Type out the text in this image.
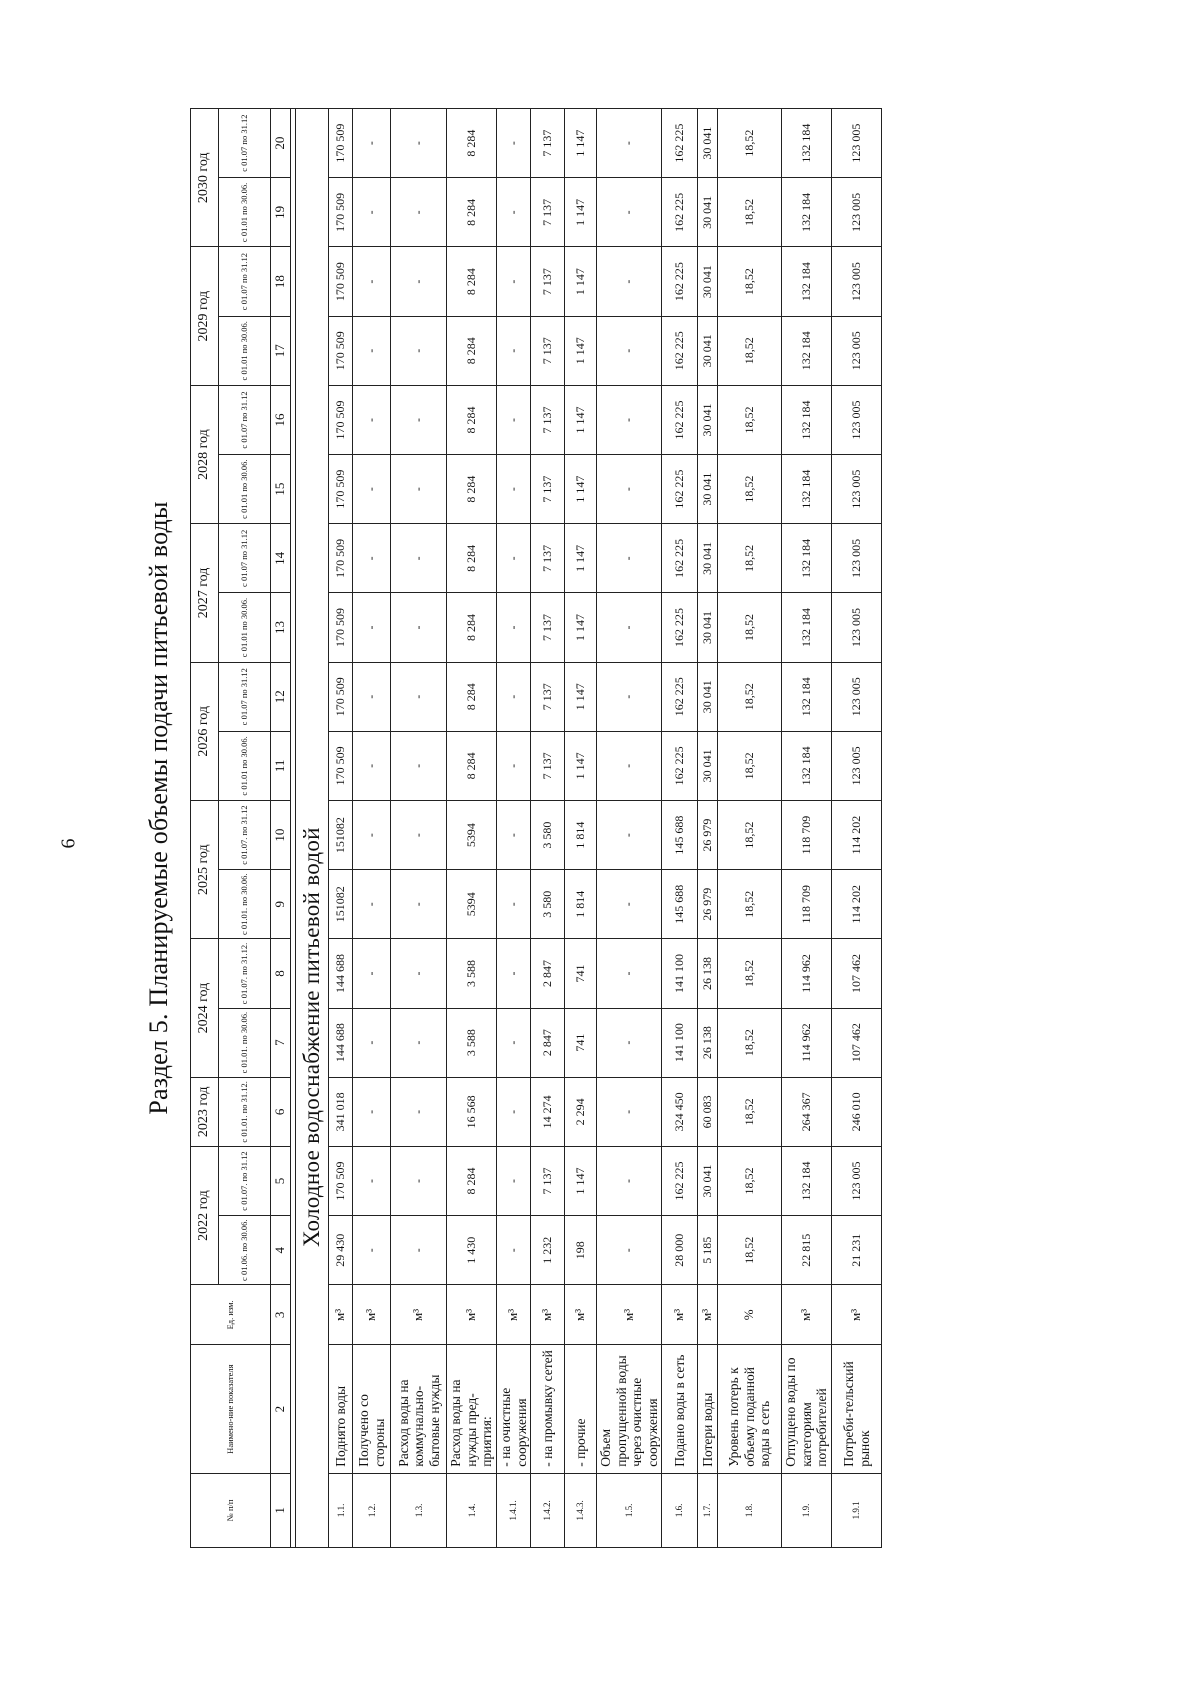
6 Раздел 5. Планируемые объемы подачи питьевой воды
№ п/п	Наимено-ние показателя	Ед. изм.	2022 год		2023 год	2024 год		2025 год		2026 год		2027 год		2028 год		2029 год		2030 год	
			с 01.06. по 30.06.	с 01.07. по 31.12	с 01.01. по 31.12.	с 01.01. по 30.06.	с 01.07. по 31.12.	с 01.01. по 30.06.	с 01.07. по 31.12	с 01.01 по 30.06.	с 01.07 по 31.12	с 01.01 по 30.06.	с 01.07 по 31.12	с 01.01 по 30.06.	с 01.07 по 31.12	с 01.01 по 30.06.	с 01.07 по 31.12	с 01.01 по 30.06.	с 01.07 по 31.12
1	2	3	4	5	6	7	8	9	10	11	12	13	14	15	16	17	18	19	20

Холодное водоснабжение питьевой водой																			
1.1.	Поднято воды	м³	29 430	170 509	341 018	144 688	144 688	151082	151082	170 509	170 509	170 509	170 509	170 509	170 509	170 509	170 509	170 509	170 509
1.2.	Получено со стороны	м³	-	-	-	-	-	-	-	-	-	-	-	-	-	-	-	-	-
1.3.	Расход воды на коммунально-бытовые нужды	м³	-	-	-	-	-	-	-	-	-	-	-	-	-	-	-	-	-
1.4.	Расход воды на нужды пред-приятия:	м³	1 430	8 284	16 568	3 588	3 588	5394	5394	8 284	8 284	8 284	8 284	8 284	8 284	8 284	8 284	8 284	8 284
1.4.1.	- на очистные сооружения	м³	-	-	-	-	-	-	-	-	-	-	-	-	-	-	-	-	-
1.4.2.	- на промывку сетей	м³	1 232	7 137	14 274	2 847	2 847	3 580	3 580	7 137	7 137	7 137	7 137	7 137	7 137	7 137	7 137	7 137	7 137
1.4.3.	- прочие	м³	198	1 147	2 294	741	741	1 814	1 814	1 147	1 147	1 147	1 147	1 147	1 147	1 147	1 147	1 147	1 147
1.5.	Объем пропущенной воды через очистные сооружения	м³	-	-	-	-	-	-	-	-	-	-	-	-	-	-	-	-	-
1.6.	Подано воды в сеть	м³	28 000	162 225	324 450	141 100	141 100	145 688	145 688	162 225	162 225	162 225	162 225	162 225	162 225	162 225	162 225	162 225	162 225
1.7.	Потери воды	м³	5 185	30 041	60 083	26 138	26 138	26 979	26 979	30 041	30 041	30 041	30 041	30 041	30 041	30 041	30 041	30 041	30 041
1.8.	Уровень потерь к объему поданной воды в сеть	%	18,52	18,52	18,52	18,52	18,52	18,52	18,52	18,52	18,52	18,52	18,52	18,52	18,52	18,52	18,52	18,52	18,52
1.9.	Отпущено воды по категориям потребителей	м³	22 815	132 184	264 367	114 962	114 962	118 709	118 709	132 184	132 184	132 184	132 184	132 184	132 184	132 184	132 184	132 184	132 184
1.9.1	Потреби-тельский рынок	м³	21 231	123 005	246 010	107 462	107 462	114 202	114 202	123 005	123 005	123 005	123 005	123 005	123 005	123 005	123 005	123 005	123 005
